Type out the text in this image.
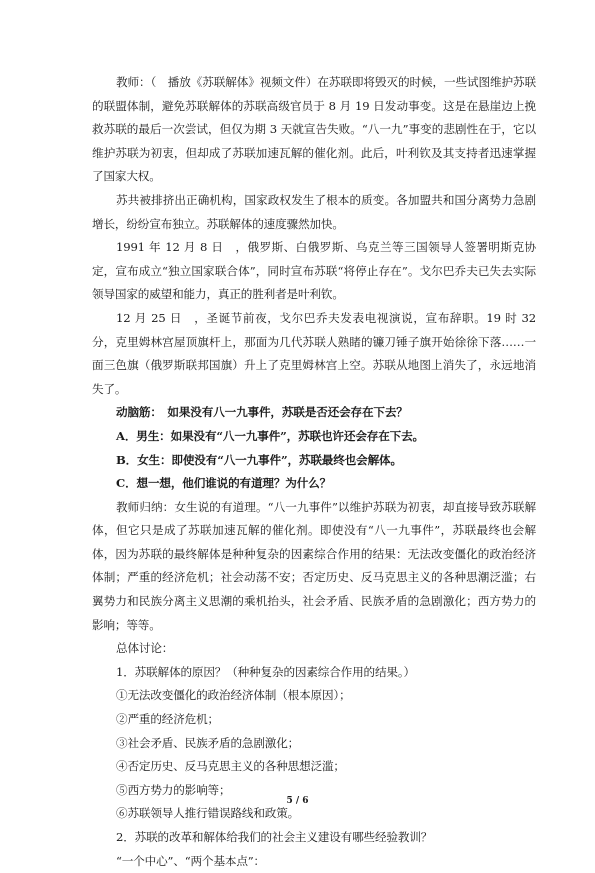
教师：（　播放《苏联解体》视频文件）在苏联即将毁灭的时候，一些试图维护苏联的联盟体制，避免苏联解体的苏联高级官员于 8 月 19 日发动事变。这是在悬崖边上挽救苏联的最后一次尝试，但仅为期 3 天就宣告失败。“八一九”事变的悲剧性在于，它以维护苏联为初衷，但却成了苏联加速瓦解的催化剂。此后，叶利钦及其支持者迅速掌握了国家大权。

苏共被排挤出正确机构，国家政权发生了根本的质变。各加盟共和国分离势力急剧增长，纷纷宣布独立。苏联解体的速度骤然加快。

1991 年 12 月 8 日　，俄罗斯、白俄罗斯、乌克兰等三国领导人签署明斯克协定，宣布成立“独立国家联合体”，同时宣布苏联“将停止存在”。戈尔巴乔夫已失去实际领导国家的威望和能力，真正的胜利者是叶利钦。

12 月 25 日　，圣诞节前夜，戈尔巴乔夫发表电视演说，宣布辞职。19 时 32 分，克里姆林宫屋顶旗杆上，那面为几代苏联人熟睹的镰刀锤子旗开始徐徐下落……一面三色旗（俄罗斯联邦国旗）升上了克里姆林宫上空。苏联从地图上消失了，永远地消失了。

动脑筋：　如果没有八一九事件，苏联是否还会存在下去？

A．男生：如果没有“八一九事件”，苏联也许还会存在下去。

B．女生：即使没有“八一九事件”，苏联最终也会解体。

C．想一想，他们谁说的有道理？为什么？

教师归纳：女生说的有道理。“八一九事件”以维护苏联为初衷，却直接导致苏联解体，但它只是成了苏联加速瓦解的催化剂。即使没有“八一九事件”，苏联最终也会解体，因为苏联的最终解体是种种复杂的因素综合作用的结果：无法改变僵化的政治经济体制；严重的经济危机；社会动荡不安；否定历史、反马克思主义的各种思潮泛滥；右翼势力和民族分离主义思潮的乘机抬头，社会矛盾、民族矛盾的急剧激化；西方势力的影响；等等。

总体讨论：

1．苏联解体的原因？（种种复杂的因素综合作用的结果。）

①无法改变僵化的政治经济体制（根本原因）；

②严重的经济危机；

③社会矛盾、民族矛盾的急剧激化；

④否定历史、反马克思主义的各种思想泛滥；

⑤西方势力的影响等；

⑥苏联领导人推行错误路线和政策。

2．苏联的改革和解体给我们的社会主义建设有哪些经验教训？

“一个中心”、“两个基本点”：

5 / 6
